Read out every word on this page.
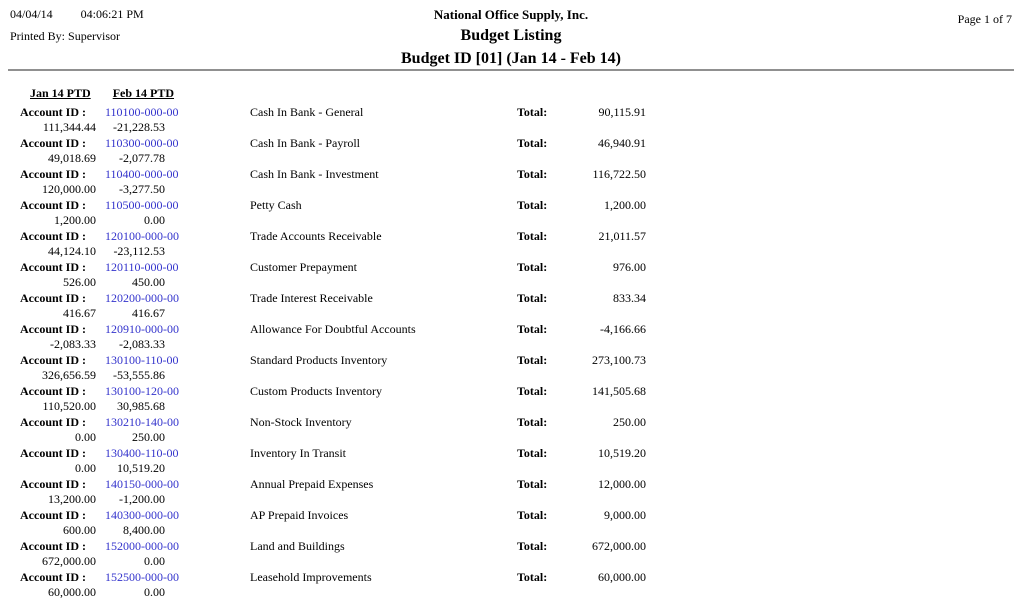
04/04/14 04:06:21 PM
Printed By: Supervisor
National Office Supply, Inc.
Budget Listing
Budget ID [01] (Jan 14 - Feb 14)
Page 1 of 7
Jan 14 PTD Feb 14 PTD
Account ID : 110100-000-00	Cash In Bank - General	Total:	90,115.91
111,344.44 -21,228.53
Account ID : 110300-000-00	Cash In Bank - Payroll	Total:	46,940.91
49,018.69 -2,077.78
Account ID : 110400-000-00	Cash In Bank - Investment	Total:	116,722.50
120,000.00 -3,277.50
Account ID : 110500-000-00	Petty Cash	Total:	1,200.00
1,200.00	0.00
Account ID : 120100-000-00	Trade Accounts Receivable	Total:	21,011.57
44,124.10 -23,112.53
Account ID : 120110-000-00	Customer Prepayment	Total:	976.00
526.00	450.00
Account ID : 120200-000-00	Trade Interest Receivable	Total:	833.34
416.67	416.67
Account ID : 120910-000-00	Allowance For Doubtful Accounts	Total:	-4,166.66
-2,083.33 -2,083.33
Account ID : 130100-110-00	Standard Products Inventory	Total:	273,100.73
326,656.59 -53,555.86
Account ID : 130100-120-00	Custom Products Inventory	Total:	141,505.68
110,520.00 30,985.68
Account ID : 130210-140-00	Non-Stock Inventory	Total:	250.00
0.00	250.00
Account ID : 130400-110-00	Inventory In Transit	Total:	10,519.20
0.00 10,519.20
Account ID : 140150-000-00	Annual Prepaid Expenses	Total:	12,000.00
13,200.00 -1,200.00
Account ID : 140300-000-00	AP Prepaid Invoices	Total:	9,000.00
600.00 8,400.00
Account ID : 152000-000-00	Land and Buildings	Total:	672,000.00
672,000.00	0.00
Account ID : 152500-000-00	Leasehold Improvements	Total:	60,000.00
60,000.00	0.00
